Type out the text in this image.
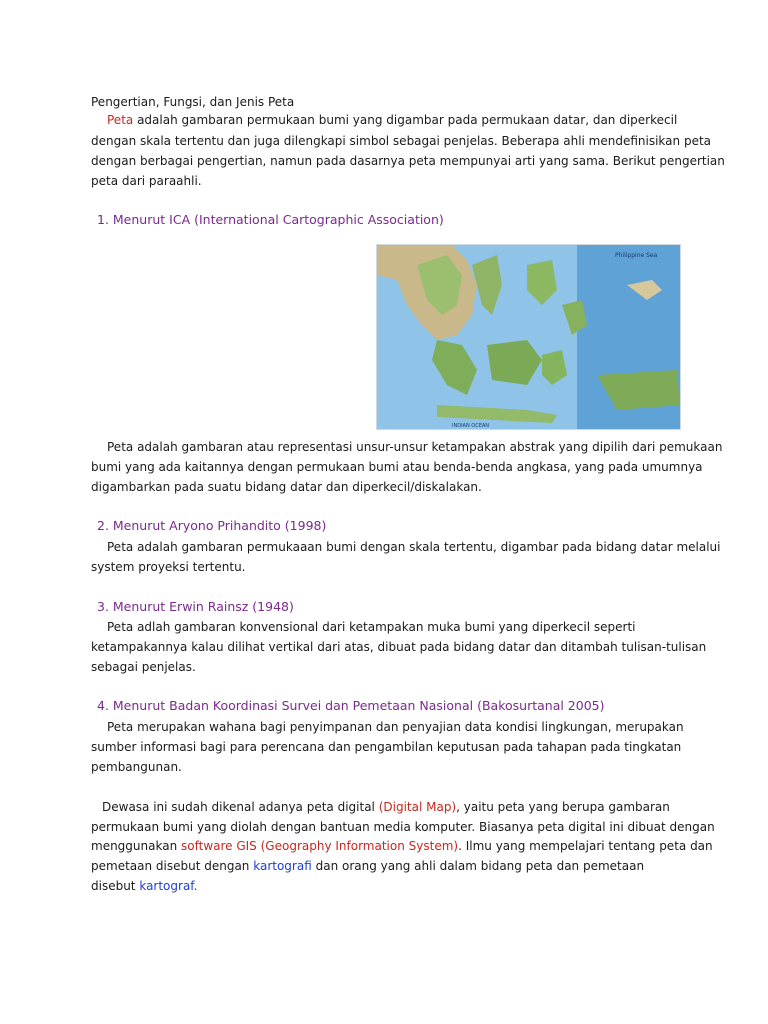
Pengertian, Fungsi, dan Jenis Peta
Peta adalah gambaran permukaan bumi yang digambar pada permukaan datar, dan diperkecil
dengan skala tertentu dan juga dilengkapi simbol sebagai penjelas. Beberapa ahli mendefinisikan peta
dengan berbagai pengertian, namun pada dasarnya peta mempunyai arti yang sama. Berikut pengertian
peta dari paraahli.
1. Menurut ICA (International Cartographic Association)
Philippine Sea
INDIAN OCEAN
Peta adalah gambaran atau representasi unsur-unsur ketampakan abstrak yang dipilih dari pemukaan
bumi yang ada kaitannya dengan permukaan bumi atau benda-benda angkasa, yang pada umumnya
digambarkan pada suatu bidang datar dan diperkecil/diskalakan.
2. Menurut Aryono Prihandito (1998)
Peta adalah gambaran permukaaan bumi dengan skala tertentu, digambar pada bidang datar melalui
system proyeksi tertentu.
3. Menurut Erwin Rainsz (1948)
Peta adlah gambaran konvensional dari ketampakan muka bumi yang diperkecil seperti
ketampakannya kalau dilihat vertikal dari atas, dibuat pada bidang datar dan ditambah tulisan-tulisan
sebagai penjelas.
4. Menurut Badan Koordinasi Survei dan Pemetaan Nasional (Bakosurtanal 2005)
Peta merupakan wahana bagi penyimpanan dan penyajian data kondisi lingkungan, merupakan
sumber informasi bagi para perencana dan pengambilan keputusan pada tahapan pada tingkatan
pembangunan.
Dewasa ini sudah dikenal adanya peta digital (Digital Map), yaitu peta yang berupa gambaran
permukaan bumi yang diolah dengan bantuan media komputer. Biasanya peta digital ini dibuat dengan
menggunakan software GIS (Geography Information System). Ilmu yang mempelajari tentang peta dan
pemetaan disebut dengan kartografi dan orang yang ahli dalam bidang peta dan pemetaan
disebut kartograf.
